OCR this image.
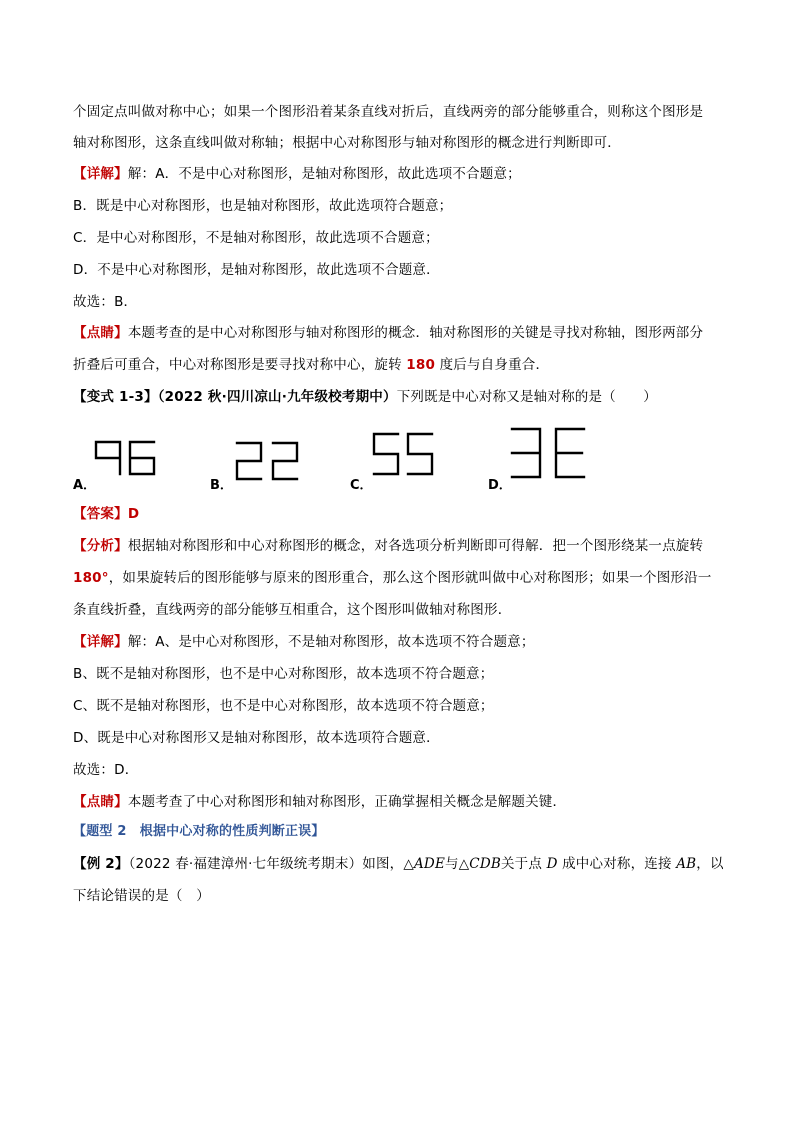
个固定点叫做对称中心；如果一个图形沿着某条直线对折后，直线两旁的部分能够重合，则称这个图形是
轴对称图形，这条直线叫做对称轴；根据中心对称图形与轴对称图形的概念进行判断即可．
【详解】解：A．不是中心对称图形，是轴对称图形，故此选项不合题意；
B．既是中心对称图形，也是轴对称图形，故此选项符合题意；
C．是中心对称图形，不是轴对称图形，故此选项不合题意；
D．不是中心对称图形，是轴对称图形，故此选项不合题意．
故选：B．
【点睛】本题考查的是中心对称图形与轴对称图形的概念．轴对称图形的关键是寻找对称轴，图形两部分
折叠后可重合，中心对称图形是要寻找对称中心，旋转 180 度后与自身重合．
【变式 1-3】（2022 秋·四川凉山·九年级校考期中）下列既是中心对称又是轴对称的是（　　）
A．	B．	C．	D．
【答案】D
【分析】根据轴对称图形和中心对称图形的概念，对各选项分析判断即可得解．把一个图形绕某一点旋转
180°，如果旋转后的图形能够与原来的图形重合，那么这个图形就叫做中心对称图形；如果一个图形沿一
条直线折叠，直线两旁的部分能够互相重合，这个图形叫做轴对称图形．
【详解】解：A、是中心对称图形，不是轴对称图形，故本选项不符合题意；
B、既不是轴对称图形，也不是中心对称图形，故本选项不符合题意；
C、既不是轴对称图形，也不是中心对称图形，故本选项不符合题意；
D、既是中心对称图形又是轴对称图形，故本选项符合题意．
故选：D．
【点睛】本题考查了中心对称图形和轴对称图形，正确掌握相关概念是解题关键．
【题型 2　根据中心对称的性质判断正误】
【例 2】（2022 春·福建漳州·七年级统考期末）如图，△ADE与△CDB关于点 D 成中心对称，连接 AB，以
下结论错误的是（　）
